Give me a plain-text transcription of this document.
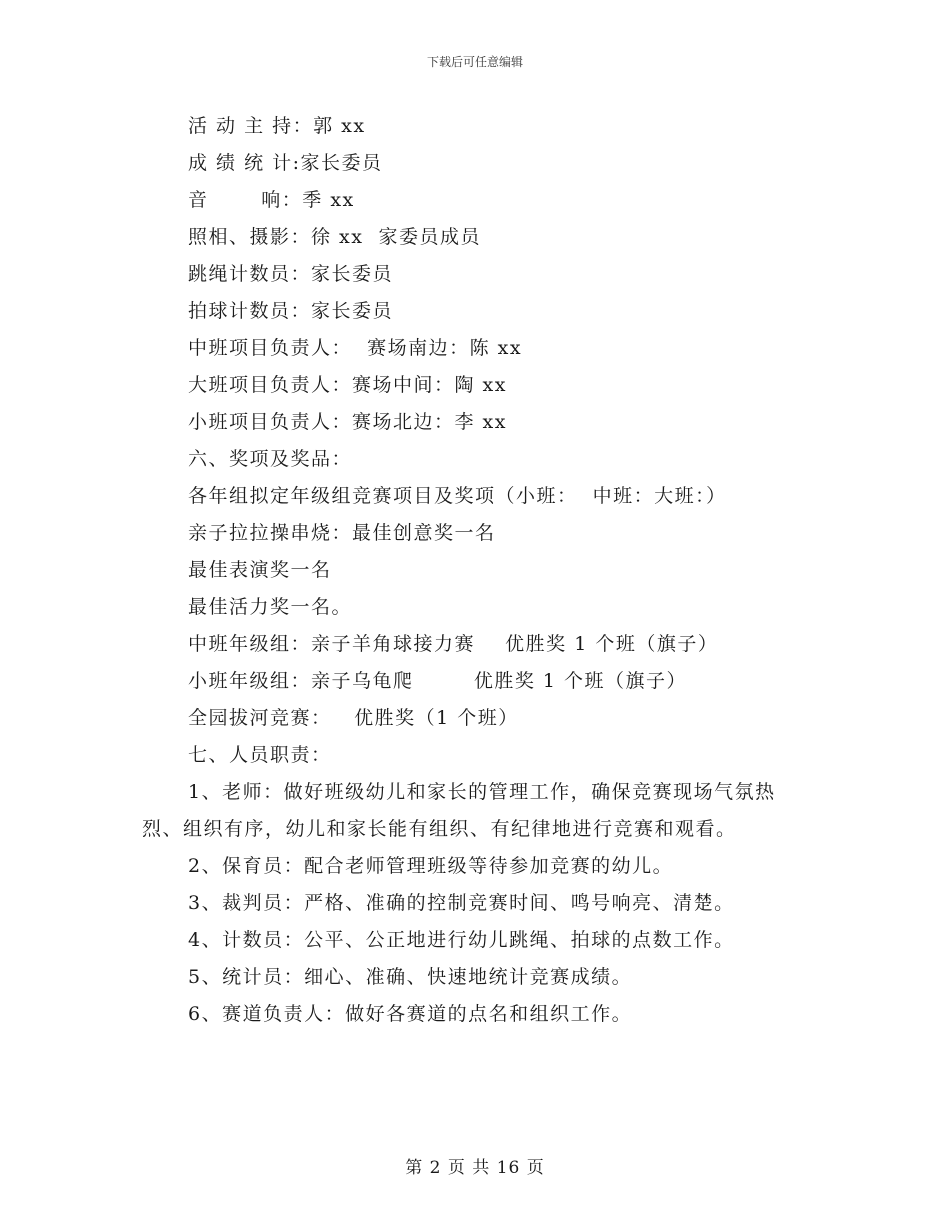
下载后可任意编辑
活 动 主 持：郭 xx
成 绩 统 计:家长委员
音       响：季 xx
照相、摄影：徐 xx  家委员成员
跳绳计数员：家长委员
拍球计数员：家长委员
中班项目负责人：  赛场南边：陈 xx
大班项目负责人：赛场中间：陶 xx
小班项目负责人：赛场北边：李 xx
六、奖项及奖品：
各年组拟定年级组竞赛项目及奖项（小班：  中班：大班：）
亲子拉拉操串烧：最佳创意奖一名
最佳表演奖一名
最佳活力奖一名。
中班年级组：亲子羊角球接力赛    优胜奖 1 个班（旗子）
小班年级组：亲子乌龟爬        优胜奖 1 个班（旗子）
全园拔河竞赛：   优胜奖（1 个班）
七、人员职责：
1、老师：做好班级幼儿和家长的管理工作，确保竞赛现场气氛热
烈、组织有序，幼儿和家长能有组织、有纪律地进行竞赛和观看。
2、保育员：配合老师管理班级等待参加竞赛的幼儿。
3、裁判员：严格、准确的控制竞赛时间、鸣号响亮、清楚。
4、计数员：公平、公正地进行幼儿跳绳、拍球的点数工作。
5、统计员：细心、准确、快速地统计竞赛成绩。
6、赛道负责人：做好各赛道的点名和组织工作。
第 2 页 共 16 页
